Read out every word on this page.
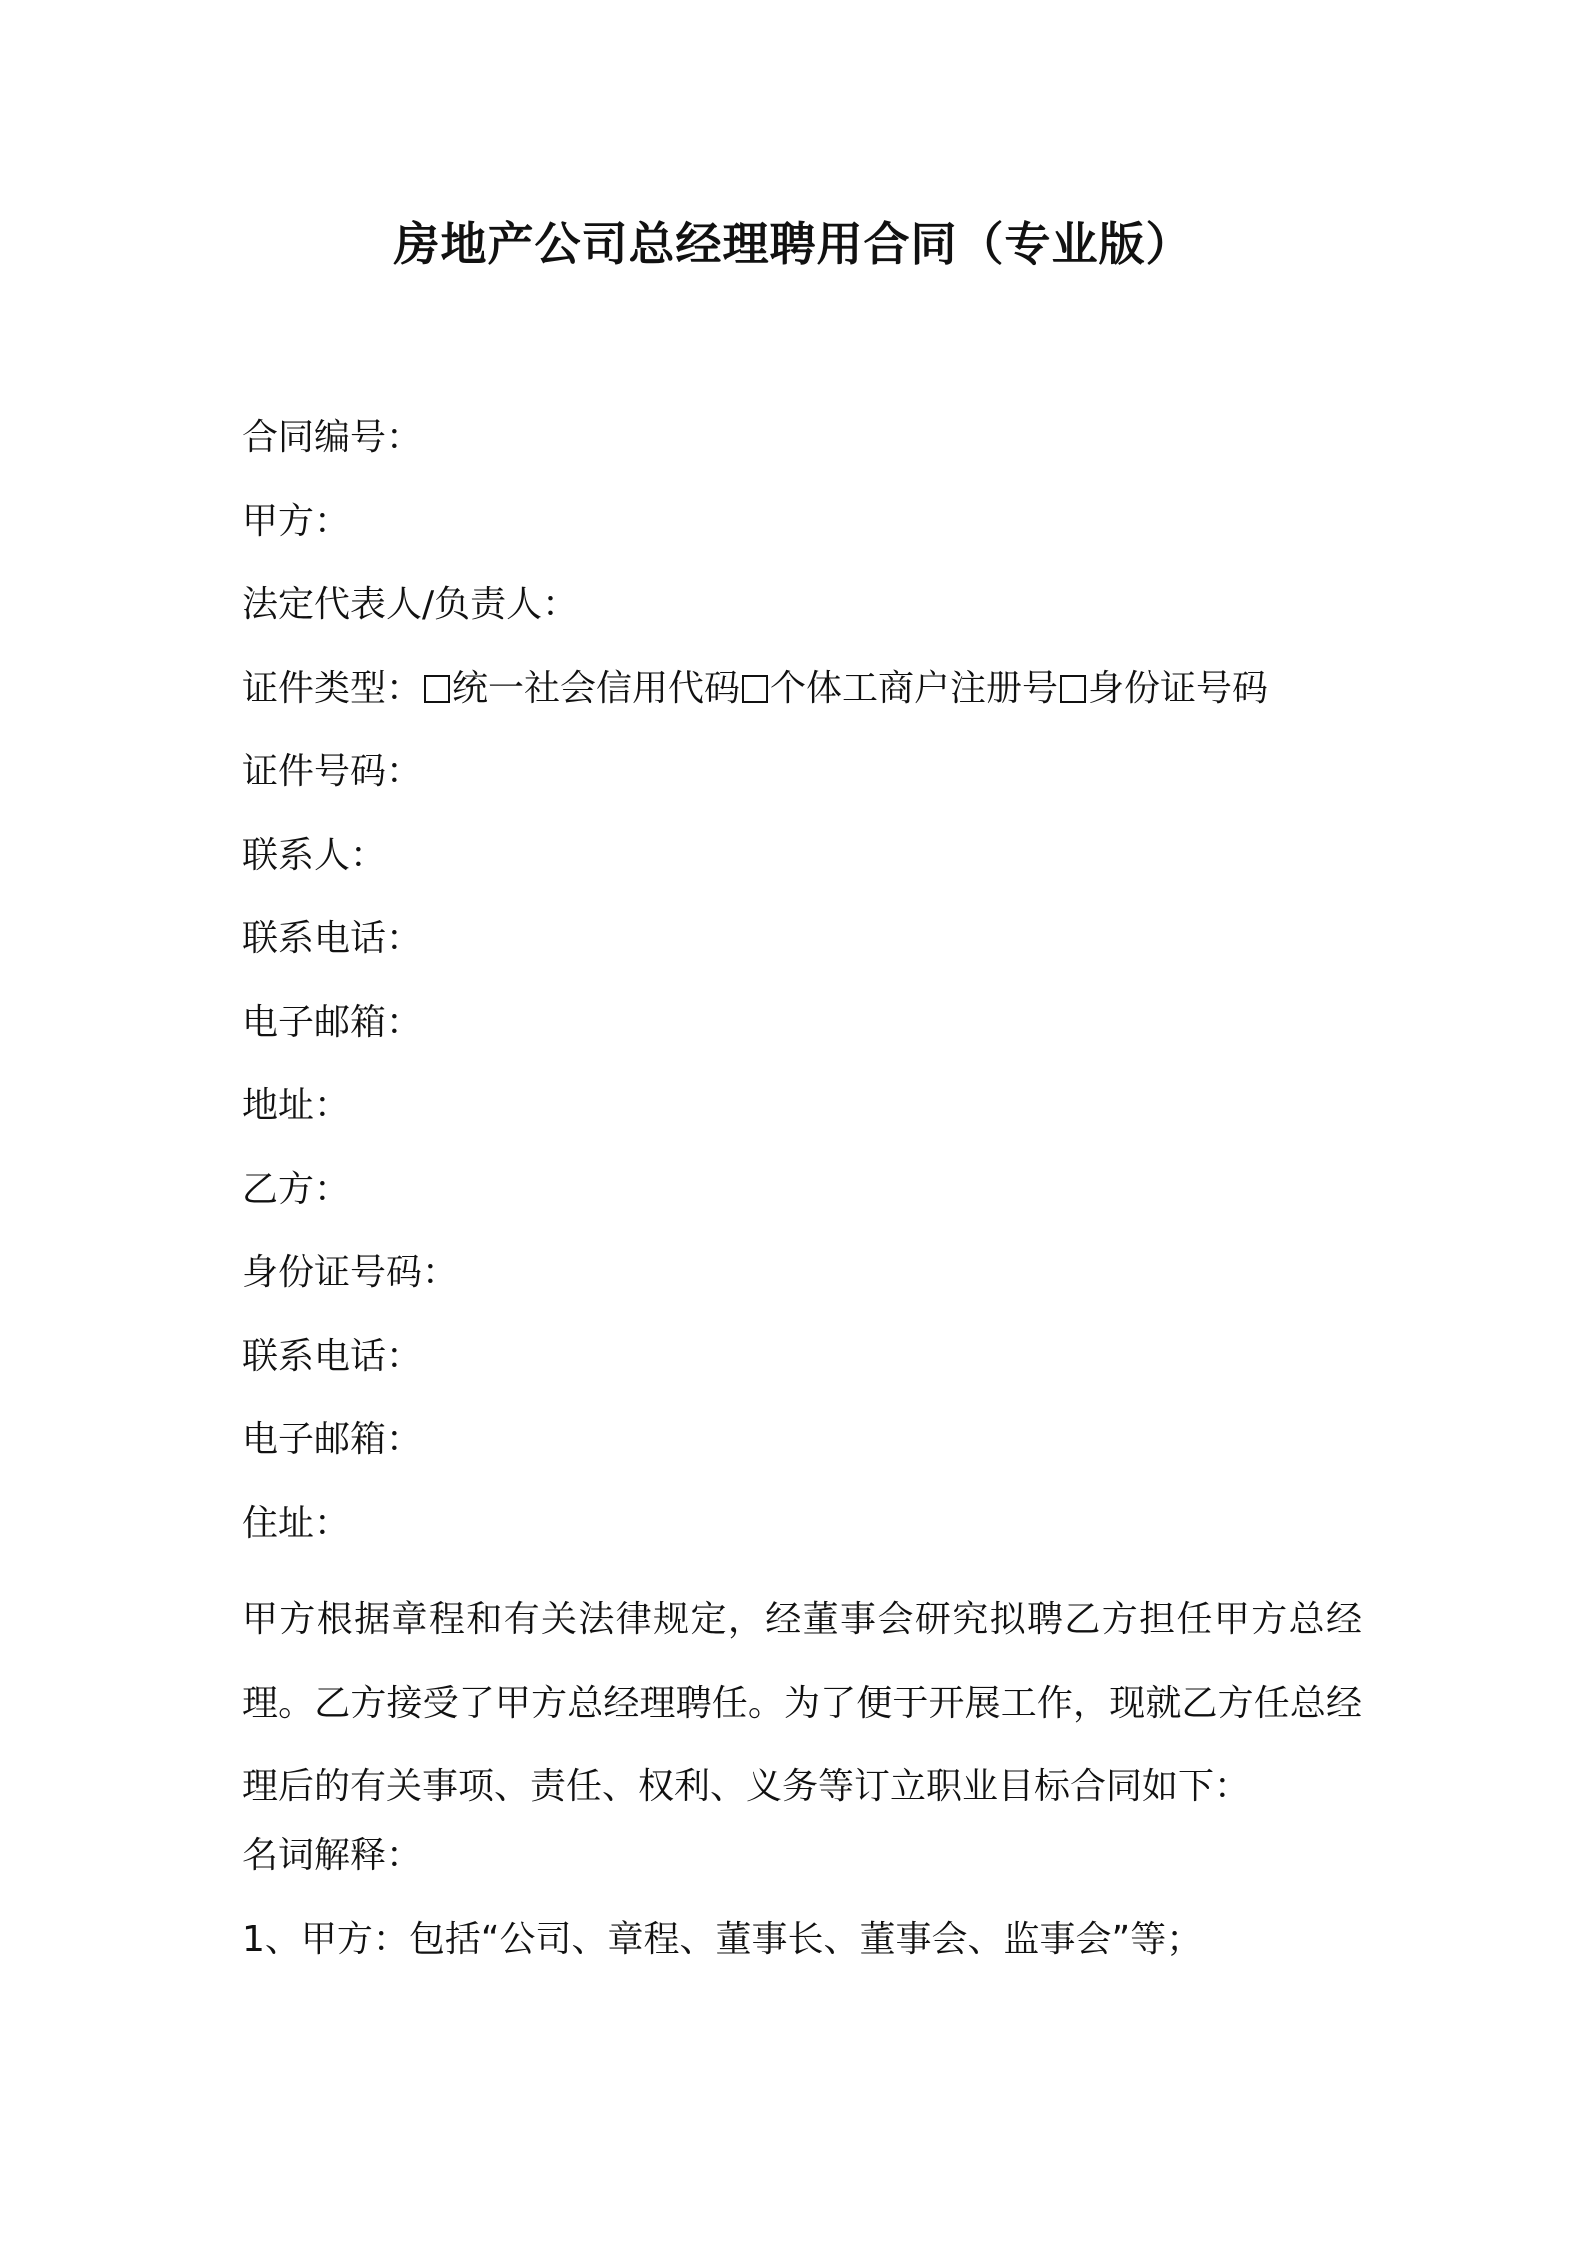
房地产公司总经理聘用合同（专业版）
合同编号：
甲方：
法定代表人/负责人：
证件类型： 统一社会信用代码 个体工商户注册号 身份证号码
证件号码：
联系人：
联系电话：
电子邮箱：
地址：
乙方：
身份证号码：
联系电话：
电子邮箱：
住址：
甲方根据章程和有关法律规定，经董事会研究拟聘乙方担任甲方总经理。乙方接受了甲方总经理聘任。为了便于开展工作，现就乙方任总经理后的有关事项、责任、权利、义务等订立职业目标合同如下：
名词解释：
1、甲方：包括“公司、章程、董事长、董事会、监事会”等；
